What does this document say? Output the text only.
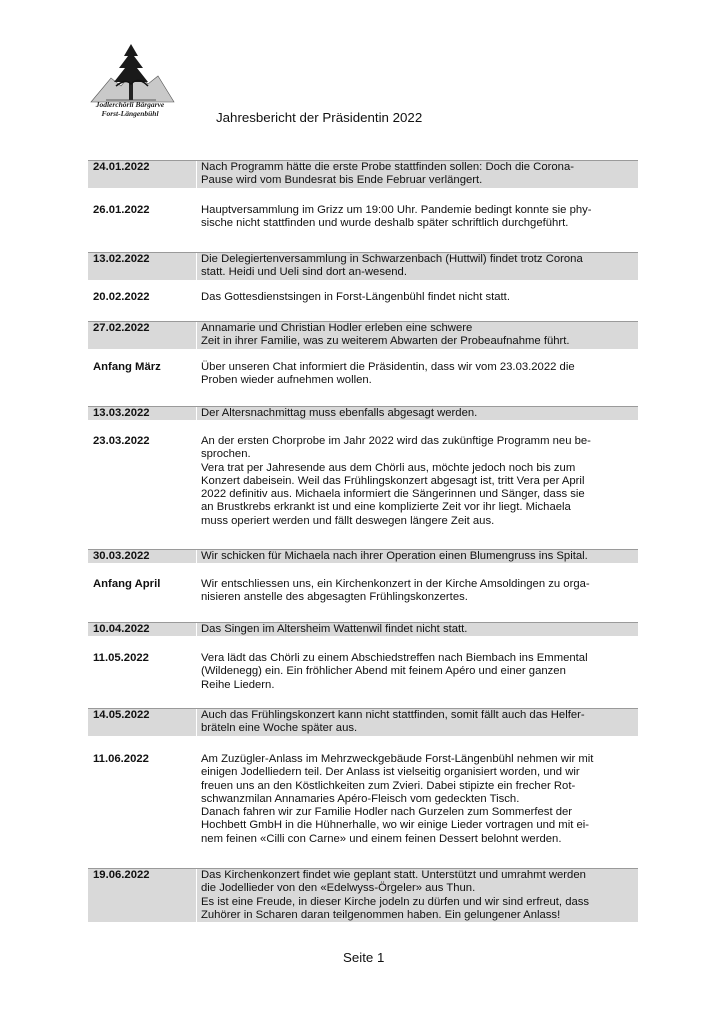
Jodlerchörli Bärgarve
Forst-Längenbühl	Jahresbericht der Präsidentin 2022
24.01.2022	Nach Programm hätte die erste Probe stattfinden sollen: Doch die Corona-
Pause wird vom Bundesrat bis Ende Februar verlängert.
26.01.2022	Hauptversammlung im Grizz um 19:00 Uhr. Pandemie bedingt konnte sie phy-
sische nicht stattfinden und wurde deshalb später schriftlich durchgeführt.
13.02.2022	Die Delegiertenversammlung in Schwarzenbach (Huttwil) findet trotz Corona
statt. Heidi und Ueli sind dort an-wesend.
20.02.2022	Das Gottesdienstsingen in Forst-Längenbühl findet nicht statt.
27.02.2022	Annamarie und Christian Hodler erleben eine schwere
Zeit in ihrer Familie, was zu weiterem Abwarten der Probeaufnahme führt.
Anfang März	Über unseren Chat informiert die Präsidentin, dass wir vom 23.03.2022 die
Proben wieder aufnehmen wollen.
13.03.2022	Der Altersnachmittag muss ebenfalls abgesagt werden.
23.03.2022	An der ersten Chorprobe im Jahr 2022 wird das zukünftige Programm neu be-
sprochen.
Vera trat per Jahresende aus dem Chörli aus, möchte jedoch noch bis zum
Konzert dabeisein. Weil das Frühlingskonzert abgesagt ist, tritt Vera per April
2022 definitiv aus. Michaela informiert die Sängerinnen und Sänger, dass sie
an Brustkrebs erkrankt ist und eine komplizierte Zeit vor ihr liegt. Michaela
muss operiert werden und fällt deswegen längere Zeit aus.
30.03.2022	Wir schicken für Michaela nach ihrer Operation einen Blumengruss ins Spital.
Anfang April	Wir entschliessen uns, ein Kirchenkonzert in der Kirche Amsoldingen zu orga-
nisieren anstelle des abgesagten Frühlingskonzertes.
10.04.2022	Das Singen im Altersheim Wattenwil findet nicht statt.
11.05.2022	Vera lädt das Chörli zu einem Abschiedstreffen nach Biembach ins Emmental
(Wildenegg) ein. Ein fröhlicher Abend mit feinem Apéro und einer ganzen
Reihe Liedern.
14.05.2022	Auch das Frühlingskonzert kann nicht stattfinden, somit fällt auch das Helfer-
bräteln eine Woche später aus.
11.06.2022	Am Zuzügler-Anlass im Mehrzweckgebäude Forst-Längenbühl nehmen wir mit
einigen Jodelliedern teil. Der Anlass ist vielseitig organisiert worden, und wir
freuen uns an den Köstlichkeiten zum Zvieri. Dabei stipizte ein frecher Rot-
schwanzmilan Annamaries Apéro-Fleisch vom gedeckten Tisch.
Danach fahren wir zur Familie Hodler nach Gurzelen zum Sommerfest der
Hochbett GmbH in die Hühnerhalle, wo wir einige Lieder vortragen und mit ei-
nem feinen «Cilli con Carne» und einem feinen Dessert belohnt werden.
19.06.2022	Das Kirchenkonzert findet wie geplant statt. Unterstützt und umrahmt werden
die Jodellieder von den «Edelwyss-Örgeler» aus Thun.
Es ist eine Freude, in dieser Kirche jodeln zu dürfen und wir sind erfreut, dass
Zuhörer in Scharen daran teilgenommen haben. Ein gelungener Anlass!
Seite 1
